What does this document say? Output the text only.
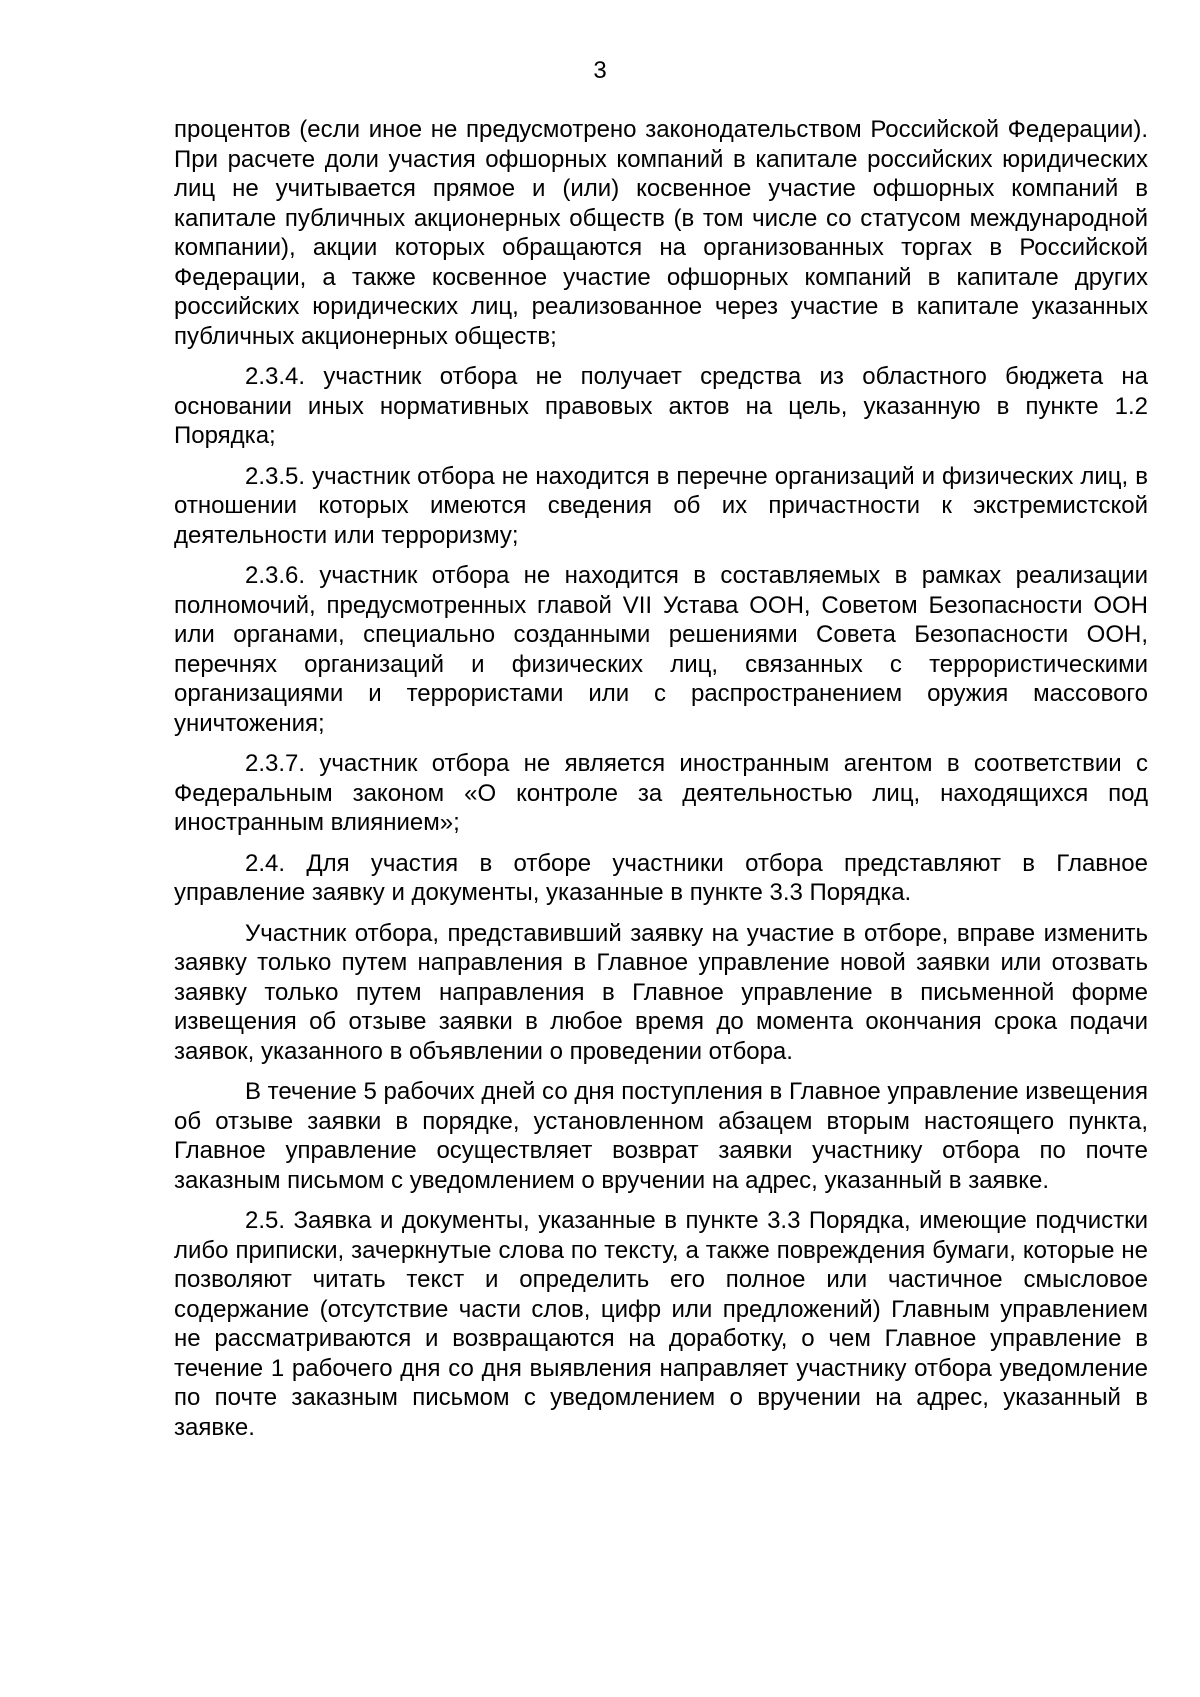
3

процентов (если иное не предусмотрено законодательством Российской Федерации). При расчете доли участия офшорных компаний в капитале российских юридических лиц не учитывается прямое и (или) косвенное участие офшорных компаний в капитале публичных акционерных обществ (в том числе со статусом международной компании), акции которых обращаются на организованных торгах в Российской Федерации, а также косвенное участие офшорных компаний в капитале других российских юридических лиц, реализованное через участие в капитале указанных публичных акционерных обществ;

2.3.4. участник отбора не получает средства из областного бюджета на основании иных нормативных правовых актов на цель, указанную в пункте 1.2 Порядка;

2.3.5. участник отбора не находится в перечне организаций и физических лиц, в отношении которых имеются сведения об их причастности к экстремистской деятельности или терроризму;

2.3.6. участник отбора не находится в составляемых в рамках реализации полномочий, предусмотренных главой VII Устава ООН, Советом Безопасности ООН или органами, специально созданными решениями Совета Безопасности ООН, перечнях организаций и физических лиц, связанных с террористическими организациями и террористами или с распространением оружия массового уничтожения;

2.3.7. участник отбора не является иностранным агентом в соответствии с Федеральным законом «О контроле за деятельностью лиц, находящихся под иностранным влиянием»;

2.4. Для участия в отборе участники отбора представляют в Главное управление заявку и документы, указанные в пункте 3.3 Порядка.

Участник отбора, представивший заявку на участие в отборе, вправе изменить заявку только путем направления в Главное управление новой заявки или отозвать заявку только путем направления в Главное управление в письменной форме извещения об отзыве заявки в любое время до момента окончания срока подачи заявок, указанного в объявлении о проведении отбора.

В течение 5 рабочих дней со дня поступления в Главное управление извещения об отзыве заявки в порядке, установленном абзацем вторым настоящего пункта, Главное управление осуществляет возврат заявки участнику отбора по почте заказным письмом с уведомлением о вручении на адрес, указанный в заявке.

2.5. Заявка и документы, указанные в пункте 3.3 Порядка, имеющие подчистки либо приписки, зачеркнутые слова по тексту, а также повреждения бумаги, которые не позволяют читать текст и определить его полное или частичное смысловое содержание (отсутствие части слов, цифр или предложений) Главным управлением не рассматриваются и возвращаются на доработку, о чем Главное управление в течение 1 рабочего дня со дня выявления направляет участнику отбора уведомление по почте заказным письмом с уведомлением о вручении на адрес, указанный в заявке.
